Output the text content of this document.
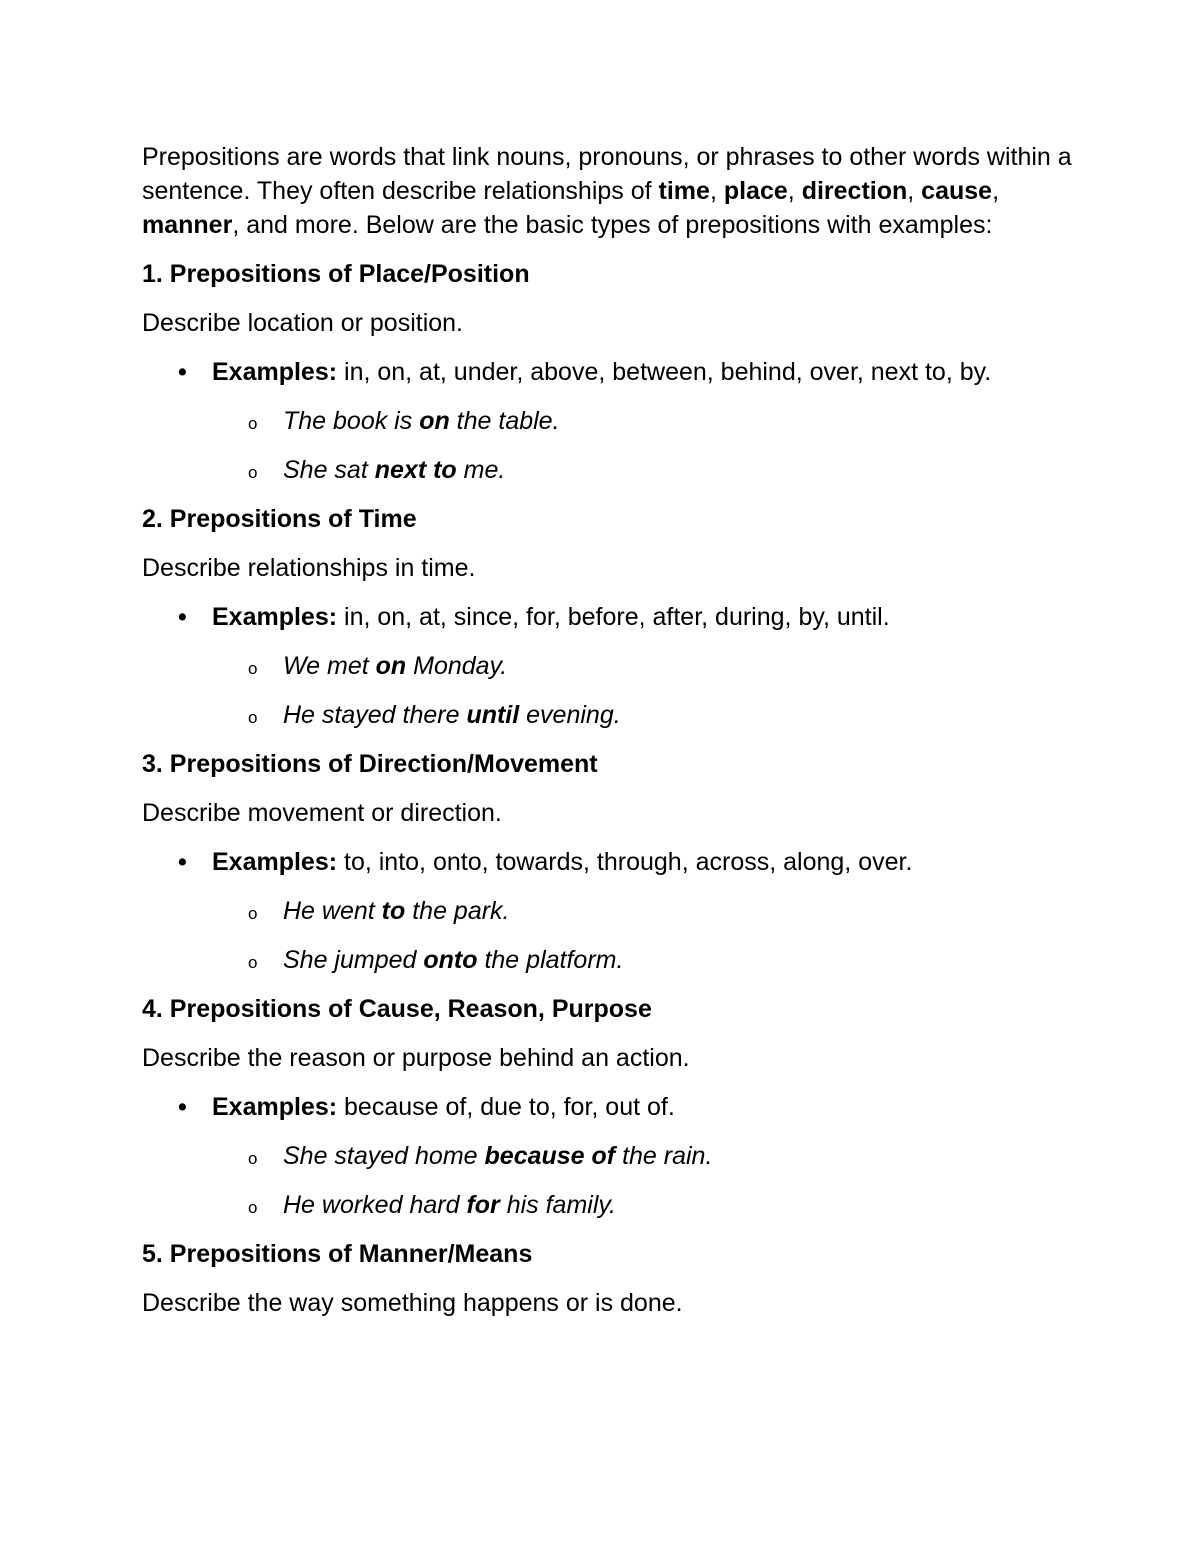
Prepositions are words that link nouns, pronouns, or phrases to other words within a sentence. They often describe relationships of time, place, direction, cause, manner, and more. Below are the basic types of prepositions with examples:

1. Prepositions of Place/Position
Describe location or position.
• Examples: in, on, at, under, above, between, behind, over, next to, by.
o The book is on the table.
o She sat next to me.
2. Prepositions of Time
Describe relationships in time.
• Examples: in, on, at, since, for, before, after, during, by, until.
o We met on Monday.
o He stayed there until evening.
3. Prepositions of Direction/Movement
Describe movement or direction.
• Examples: to, into, onto, towards, through, across, along, over.
o He went to the park.
o She jumped onto the platform.
4. Prepositions of Cause, Reason, Purpose
Describe the reason or purpose behind an action.
• Examples: because of, due to, for, out of.
o She stayed home because of the rain.
o He worked hard for his family.
5. Prepositions of Manner/Means
Describe the way something happens or is done.
